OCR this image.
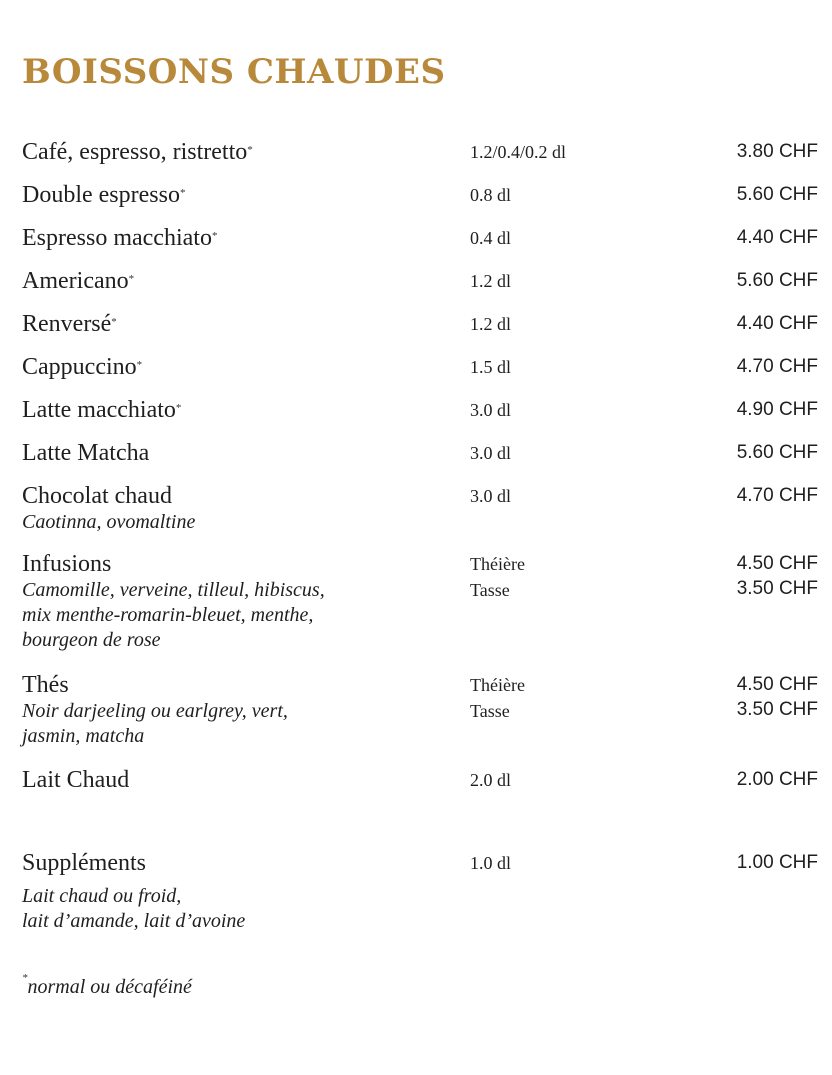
BOISSONS CHAUDES
Café, espresso, ristretto*	1.2/0.4/0.2 dl	3.80 CHF
Double espresso*	0.8 dl	5.60 CHF
Espresso macchiato*	0.4 dl	4.40 CHF
Americano*	1.2 dl	5.60 CHF
Renversé*	1.2 dl	4.40 CHF
Cappuccino*	1.5 dl	4.70 CHF
Latte macchiato*	3.0 dl	4.90 CHF
Latte Matcha	3.0 dl	5.60 CHF
Chocolat chaud
Caotinna, ovomaltine
3.0 dl	4.70 CHF
Infusions
Camomille, verveine, tilleul, hibiscus,
mix menthe-romarin-bleuet, menthe,
bourgeon de rose
Théière	4.50 CHF
Tasse	3.50 CHF
Thés
Noir darjeeling ou earlgrey, vert,
jasmin, matcha
Théière	4.50 CHF
Tasse	3.50 CHF
Lait Chaud	2.0 dl	2.00 CHF
Suppléments
Lait chaud ou froid,
lait d’amande, lait d’avoine
1.0 dl	1.00 CHF
*normal ou décaféiné
